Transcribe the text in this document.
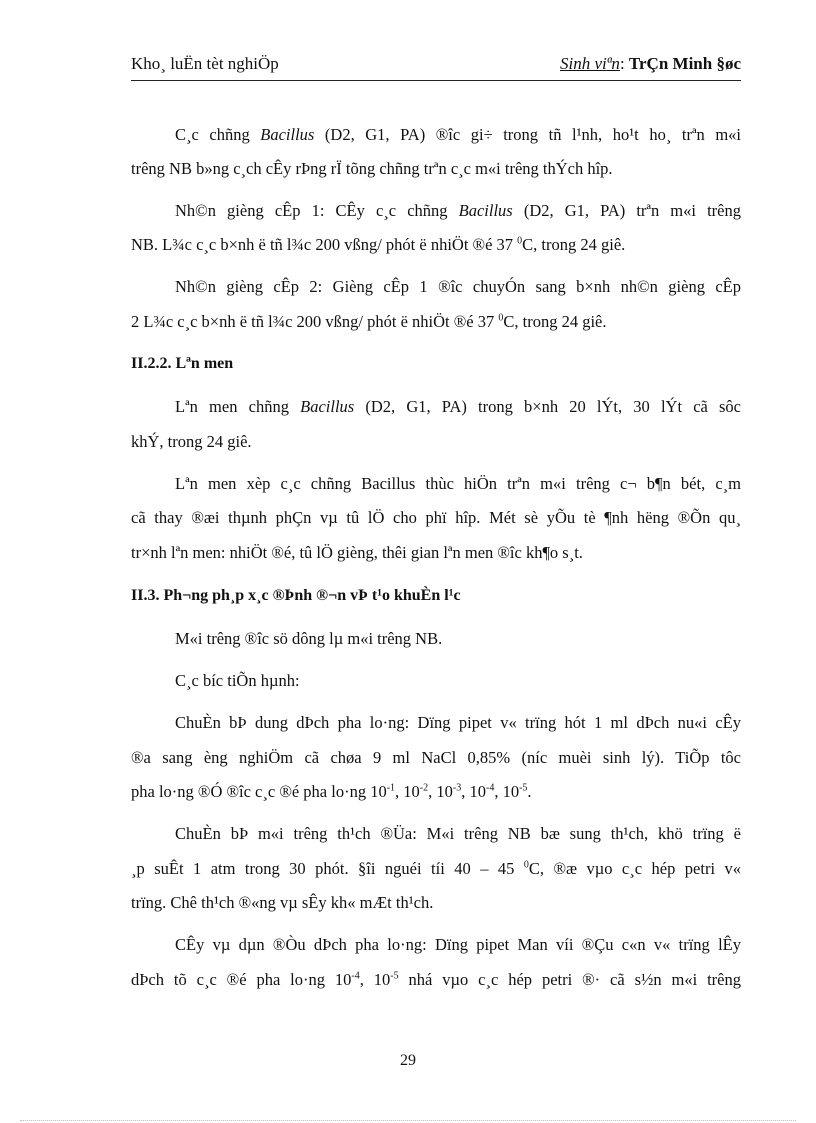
Kho¸ luËn tèt nghiÖp	Sinh viªn: TrÇn Minh §øc
C¸c chñng Bacillus (D2, G1, PA) ®îc gi÷ trong tñ l¹nh, ho¹t ho¸ trªn m«i
trêng NB b»ng c¸ch cÊy rÞng rÏ tõng chñng trªn c¸c m«i trêng thÝch hîp.
Nh©n gièng cÊp 1: CÊy c¸c chñng Bacillus (D2, G1, PA) trªn m«i trêng
NB. L¾c c¸c b×nh ë tñ l¾c 200 vßng/ phót ë nhiÖt ®é 37 $^0$C, trong 24 giê.
Nh©n gièng cÊp 2: Gièng cÊp 1 ®îc chuyÓn sang b×nh nh©n gièng cÊp
2 L¾c c¸c b×nh ë tñ l¾c 200 vßng/ phót ë nhiÖt ®é 37 $^0$C, trong 24 giê.
II.2.2. Lªn men
Lªn men chñng Bacillus (D2, G1, PA) trong b×nh 20 lÝt, 30 lÝt cã sôc
khÝ, trong 24 giê.
Lªn men xèp c¸c chñng Bacillus thùc hiÖn trªn m«i trêng c¬ b¶n bét, c¸m
cã thay ®æi thµnh phÇn vµ tû lÖ cho phï hîp. Mét sè yÕu tè ¶nh hëng ®Õn qu¸
tr×nh lªn men: nhiÖt ®é, tû lÖ gièng, thêi gian lªn men ®îc kh¶o s¸t.
II.3. Ph¬ng ph¸p x¸c ®Þnh ®¬n vÞ t¹o khuÈn l¹c
M«i trêng ®îc sö dông lµ m«i trêng NB.
C¸c bíc tiÕn hµnh:
ChuÈn bÞ dung dÞch pha lo·ng: Dïng pipet v« trïng hót 1 ml dÞch nu«i cÊy
®a sang èng nghiÖm cã chøa 9 ml NaCl 0,85% (níc muèi sinh lý). TiÕp tôc
pha lo·ng ®Ó ®îc c¸c ®é pha lo·ng $10^{-1}$, $10^{-2}$, $10^{-3}$, $10^{-4}$, $10^{-5}$.
ChuÈn bÞ m«i trêng th¹ch ®Üa: M«i trêng NB bæ sung th¹ch, khö trïng ë
¸p suÊt 1 atm trong 30 phót. §îi nguéi tíi 40 – 45 $^0$C, ®æ vµo c¸c hép petri v«
trïng. Chê th¹ch ®«ng vµ sÊy kh« mÆt th¹ch.
CÊy vµ dµn ®Òu dÞch pha lo·ng: Dïng pipet Man víi ®Çu c«n v« trïng lÊy
dÞch tõ c¸c ®é pha lo·ng $10^{-4}$, $10^{-5}$ nhá vµo c¸c hép petri ®· cã s½n m«i trêng
29
